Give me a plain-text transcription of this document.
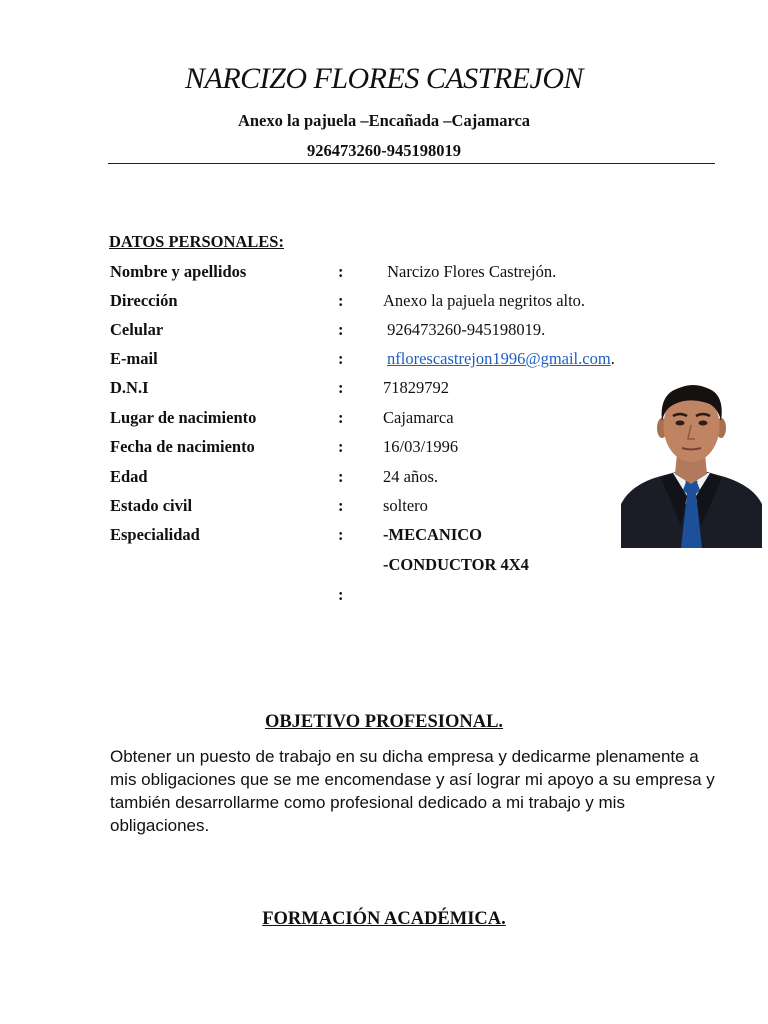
NARCIZO FLORES CASTREJON
Anexo la pajuela –Encañada –Cajamarca
926473260-945198019
DATOS PERSONALES:
Nombre y apellidos	: Narcizo Flores Castrejón.
Dirección	: Anexo la pajuela negritos alto.
Celular	: 926473260-945198019.
E-mail	:	nflorescastrejon1996@gmail.com.
D.N.I	: 71829792
Lugar de nacimiento	: Cajamarca
Fecha de nacimiento	: 16/03/1996
Edad	: 24 años.
Estado civil	: soltero
Especialidad	: -MECANICO
-CONDUCTOR 4X4
:
OBJETIVO PROFESIONAL.
Obtener un puesto de trabajo en su dicha empresa y dedicarme plenamente a mis obligaciones que se me encomendase y así lograr mi apoyo a su empresa y también desarrollarme como profesional dedicado a mi trabajo y mis obligaciones.
FORMACIÓN ACADÉMICA.
